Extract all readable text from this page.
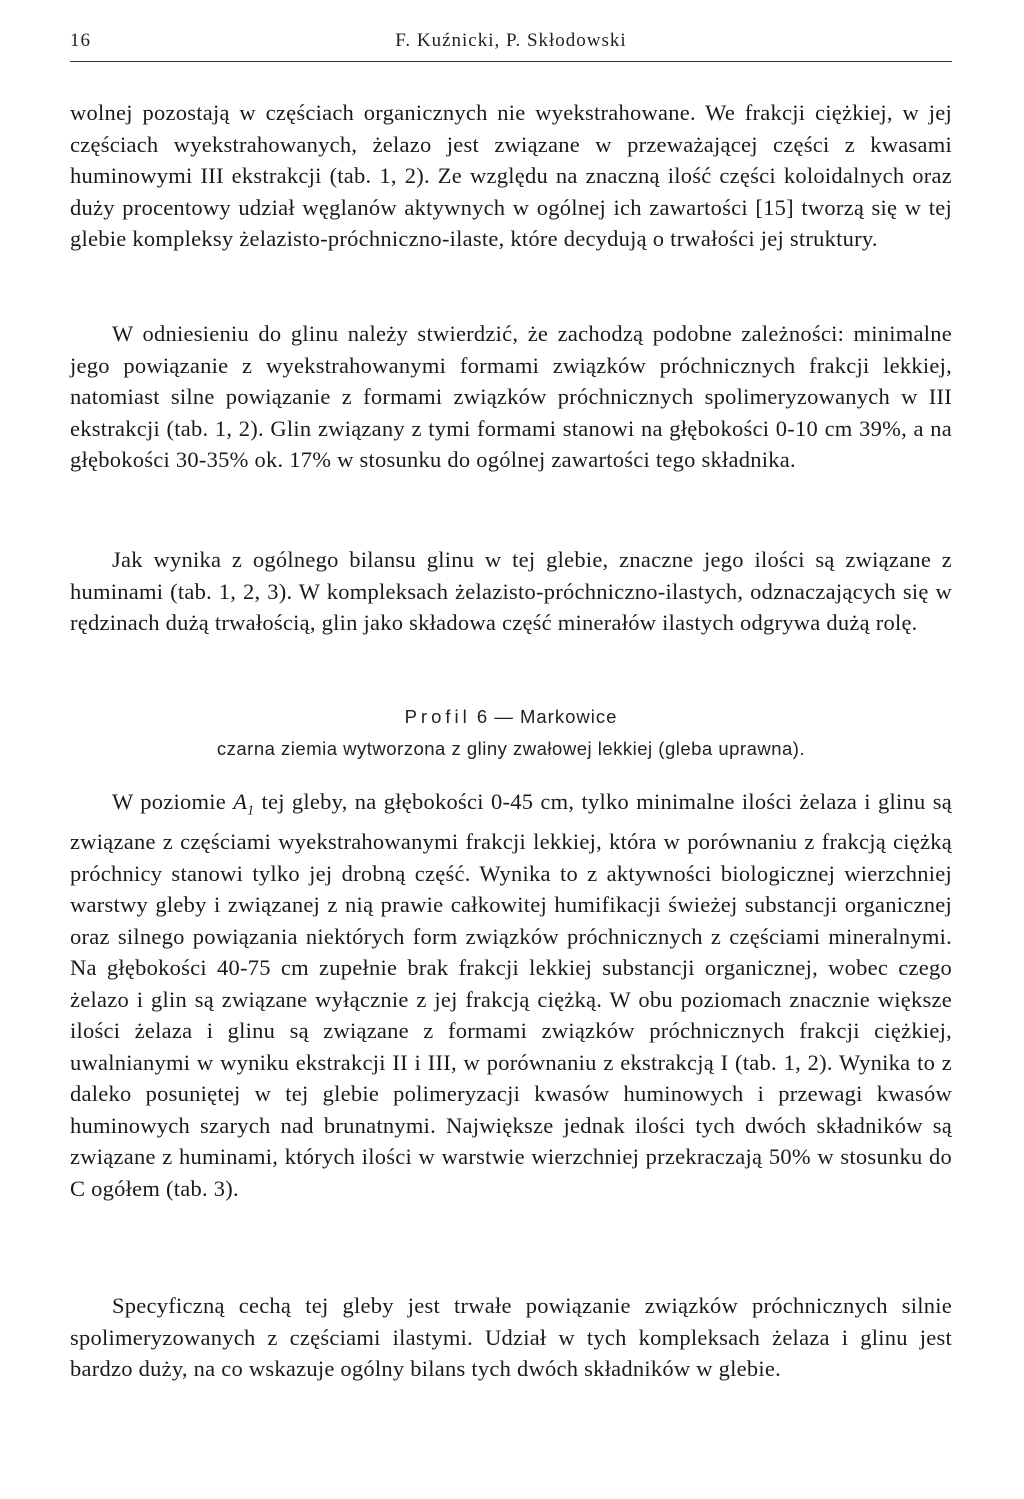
16	F. Kuźnicki, P. Skłodowski

wolnej pozostają w częściach organicznych nie wyekstrahowane. We frakcji ciężkiej, w jej częściach wyekstrahowanych, żelazo jest związane w przeważającej części z kwasami huminowymi III ekstrakcji (tab. 1, 2). Ze względu na znaczną ilość części koloidalnych oraz duży procentowy udział węglanów aktywnych w ogólnej ich zawartości [15] tworzą się w tej glebie kompleksy żelazisto-próchniczno-ilaste, które decydują o trwałości jej struktury.

W odniesieniu do glinu należy stwierdzić, że zachodzą podobne zależności: minimalne jego powiązanie z wyekstrahowanymi formami związków próchnicznych frakcji lekkiej, natomiast silne powiązanie z formami związków próchnicznych spolimeryzowanych w III ekstrakcji (tab. 1, 2). Glin związany z tymi formami stanowi na głębokości 0-10 cm 39%, a na głębokości 30-35% ok. 17% w stosunku do ogólnej zawartości tego składnika.

Jak wynika z ogólnego bilansu glinu w tej glebie, znaczne jego ilości są związane z huminami (tab. 1, 2, 3). W kompleksach żelazisto-próchniczno-ilastych, odznaczających się w rędzinach dużą trwałością, glin jako składowa część minerałów ilastych odgrywa dużą rolę.

Profil 6 — Markowice
czarna ziemia wytworzona z gliny zwałowej lekkiej (gleba uprawna).

W poziomie $A_1$ tej gleby, na głębokości 0-45 cm, tylko minimalne ilości żelaza i glinu są związane z częściami wyekstrahowanymi frakcji lekkiej, która w porównaniu z frakcją ciężką próchnicy stanowi tylko jej drobną część. Wynika to z aktywności biologicznej wierzchniej warstwy gleby i związanej z nią prawie całkowitej humifikacji świeżej substancji organicznej oraz silnego powiązania niektórych form związków próchnicznych z częściami mineralnymi. Na głębokości 40-75 cm zupełnie brak frakcji lekkiej substancji organicznej, wobec czego żelazo i glin są związane wyłącznie z jej frakcją ciężką. W obu poziomach znacznie większe ilości żelaza i glinu są związane z formami związków próchnicznych frakcji ciężkiej, uwalnianymi w wyniku ekstrakcji II i III, w porównaniu z ekstrakcją I (tab. 1, 2). Wynika to z daleko posuniętej w tej glebie polimeryzacji kwasów huminowych i przewagi kwasów huminowych szarych nad brunatnymi. Największe jednak ilości tych dwóch składników są związane z huminami, których ilości w warstwie wierzchniej przekraczają 50% w stosunku do C ogółem (tab. 3).

Specyficzną cechą tej gleby jest trwałe powiązanie związków próchnicznych silnie spolimeryzowanych z częściami ilastymi. Udział w tych kompleksach żelaza i glinu jest bardzo duży, na co wskazuje ogólny bilans tych dwóch składników w glebie.
